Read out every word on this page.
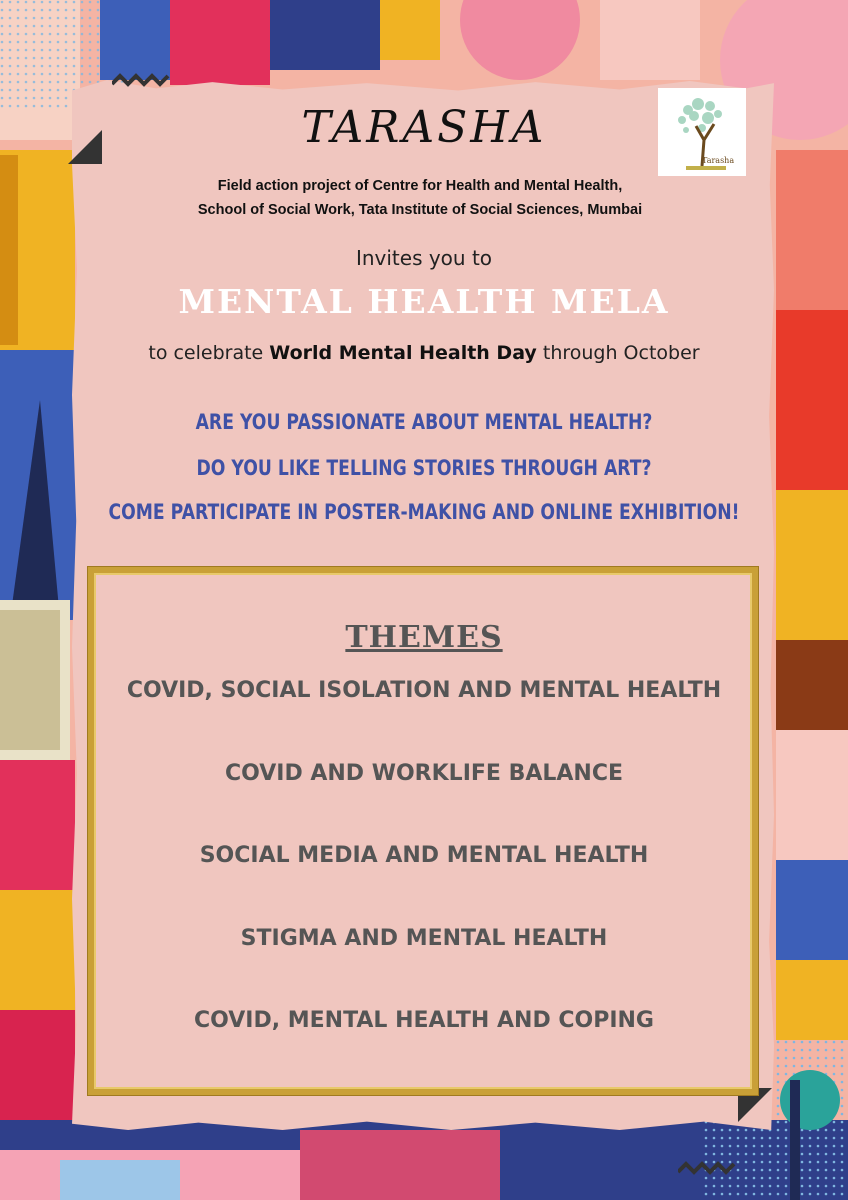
Tarasha
TARASHA
Field action project of Centre for Health and Mental Health,
School of Social Work, Tata Institute of Social Sciences, Mumbai
Invites you to
MENTAL HEALTH MELA
to celebrate World Mental Health Day through October
ARE YOU PASSIONATE ABOUT MENTAL HEALTH?
DO YOU LIKE TELLING STORIES THROUGH ART?
COME PARTICIPATE IN POSTER-MAKING AND ONLINE EXHIBITION!
THEMES
COVID, SOCIAL ISOLATION AND MENTAL HEALTH
COVID AND WORKLIFE BALANCE
SOCIAL MEDIA AND MENTAL HEALTH
STIGMA AND MENTAL HEALTH
COVID, MENTAL HEALTH AND COPING
